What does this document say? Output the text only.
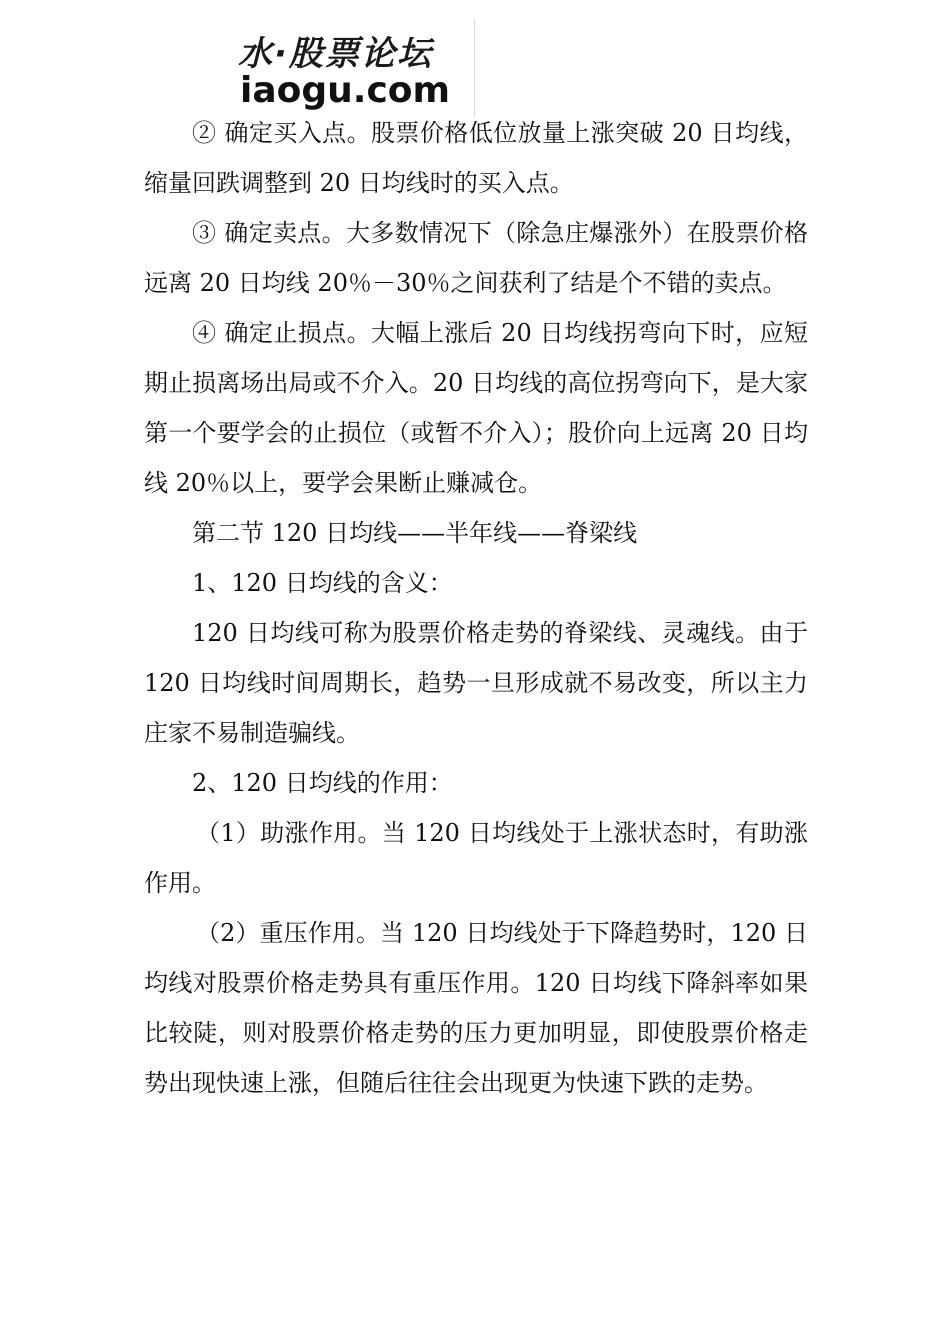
水·股票论坛
iaogu.com

② 确定买入点。股票价格低位放量上涨突破 20 日均线，缩量回跌调整到 20 日均线时的买入点。

③ 确定卖点。大多数情况下（除急庄爆涨外）在股票价格远离 20 日均线 20％－30％之间获利了结是个不错的卖点。

④ 确定止损点。大幅上涨后 20 日均线拐弯向下时，应短期止损离场出局或不介入。20 日均线的高位拐弯向下，是大家第一个要学会的止损位（或暂不介入）；股价向上远离 20 日均线 20％以上，要学会果断止赚减仓。

第二节 120 日均线——半年线——脊梁线

1、120 日均线的含义：

120 日均线可称为股票价格走势的脊梁线、灵魂线。由于 120 日均线时间周期长，趋势一旦形成就不易改变，所以主力庄家不易制造骗线。

2、120 日均线的作用：

（1）助涨作用。当 120 日均线处于上涨状态时，有助涨作用。

（2）重压作用。当 120 日均线处于下降趋势时，120 日均线对股票价格走势具有重压作用。120 日均线下降斜率如果比较陡，则对股票价格走势的压力更加明显，即使股票价格走势出现快速上涨，但随后往往会出现更为快速下跌的走势。
